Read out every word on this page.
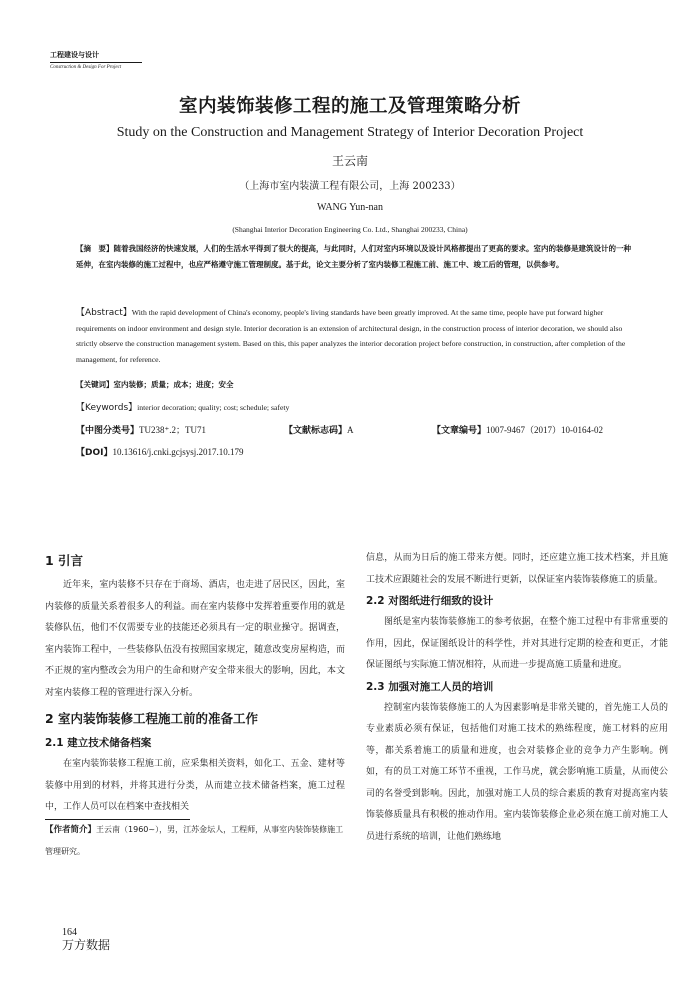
工程建设与设计
Construction & Design For Project
室内装饰装修工程的施工及管理策略分析
Study on the Construction and Management Strategy of Interior Decoration Project
王云南
（上海市室内装潢工程有限公司，上海 200233）
WANG Yun-nan
(Shanghai Interior Decoration Engineering Co. Ltd., Shanghai 200233, China)
【摘　要】随着我国经济的快速发展，人们的生活水平得到了很大的提高，与此同时，人们对室内环境以及设计风格都提出了更高的要求。室内的装修是建筑设计的一种延伸，在室内装修的施工过程中，也应严格遵守施工管理制度。基于此，论文主要分析了室内装修工程施工前、施工中、竣工后的管理，以供参考。
【Abstract】With the rapid development of China's economy, people's living standards have been greatly improved. At the same time, people have put forward higher requirements on indoor environment and design style. Interior decoration is an extension of architectural design, in the construction process of interior decoration, we should also strictly observe the construction management system. Based on this, this paper analyzes the interior decoration project before construction, in construction, after completion of the management, for reference.
【关键词】室内装修；质量；成本；进度；安全
【Keywords】interior decoration; quality; cost; schedule; safety
【中图分类号】TU238⁺.2；TU71	【文献标志码】A	【文章编号】1007-9467（2017）10-0164-02
【DOI】10.13616/j.cnki.gcjsysj.2017.10.179
1 引言
近年来，室内装修不只存在于商场、酒店，也走进了居民区，因此，室内装修的质量关系着很多人的利益。而在室内装修中发挥着重要作用的就是装修队伍，他们不仅需要专业的技能还必须具有一定的职业操守。据调查，室内装饰工程中，一些装修队伍没有按照国家规定，随意改变房屋构造，而不正规的室内整改会为用户的生命和财产安全带来很大的影响，因此，本文对室内装修工程的管理进行深入分析。
2 室内装饰装修工程施工前的准备工作
2.1 建立技术储备档案
在室内装饰装修工程施工前，应采集相关资料，如化工、五金、建材等装修中用到的材料，并将其进行分类，从而建立技术储备档案，施工过程中，工作人员可以在档案中查找相关
信息，从而为日后的施工带来方便。同时，还应建立施工技术档案，并且施工技术应跟随社会的发展不断进行更新，以保证室内装饰装修施工的质量。
2.2 对图纸进行细致的设计
图纸是室内装饰装修施工的参考依据，在整个施工过程中有非常重要的作用，因此，保证图纸设计的科学性，并对其进行定期的检查和更正，才能保证图纸与实际施工情况相符，从而进一步提高施工质量和进度。
2.3 加强对施工人员的培训
控制室内装饰装修施工的人为因素影响是非常关键的，首先施工人员的专业素质必须有保证，包括他们对施工技术的熟练程度，施工材料的应用等，都关系着施工的质量和进度，也会对装修企业的竞争力产生影响。例如，有的员工对施工环节不重视，工作马虎，就会影响施工质量，从而使公司的名誉受到影响。因此，加强对施工人员的综合素质的教育对提高室内装饰装修质量具有积极的推动作用。室内装饰装修企业必须在施工前对施工人员进行系统的培训，让他们熟练地
【作者简介】王云南（1960~），男，江苏金坛人，工程师，从事室内装饰装修施工管理研究。
164
万方数据
